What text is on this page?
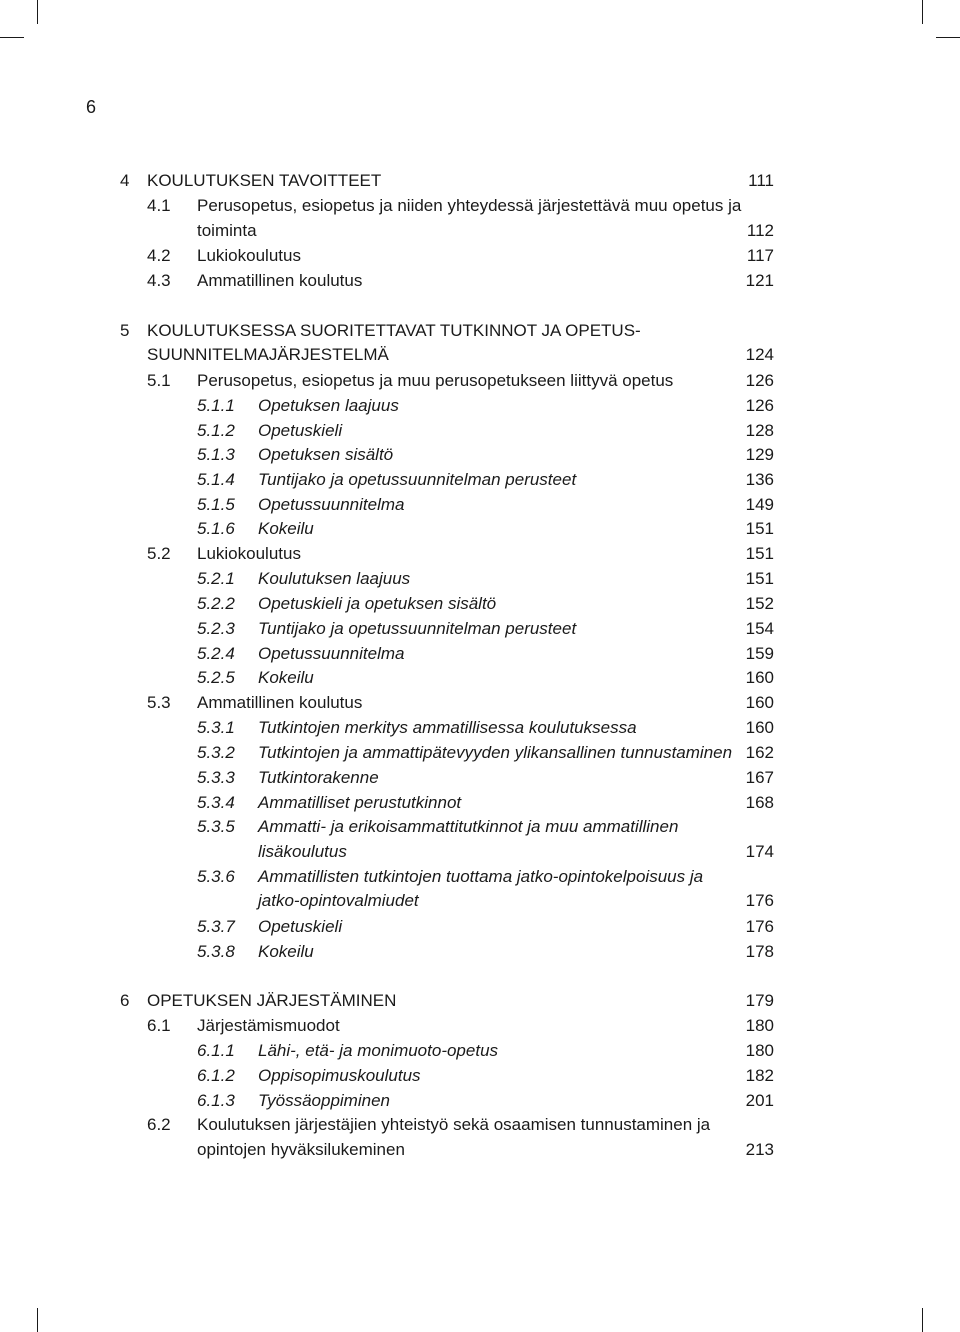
6
4 KOULUTUKSEN TAVOITTEET	111
4.1 Perusopetus, esiopetus ja niiden yhteydessä järjestettävä muu opetus ja
toiminta	112
4.2 Lukiokoulutus	117
4.3 Ammatillinen koulutus	121
5 KOULUTUKSESSA SUORITETTAVAT TUTKINNOT JA OPETUS-
SUUNNITELMAJÄRJESTELMÄ	124
5.1 Perusopetus, esiopetus ja muu perusopetukseen liittyvä opetus	126
5.1.1 Opetuksen laajuus	126
5.1.2 Opetuskieli	128
5.1.3 Opetuksen sisältö	129
5.1.4 Tuntijako ja opetussuunnitelman perusteet	136
5.1.5 Opetussuunnitelma	149
5.1.6 Kokeilu	151
5.2 Lukiokoulutus	151
5.2.1 Koulutuksen laajuus	151
5.2.2 Opetuskieli ja opetuksen sisältö	152
5.2.3 Tuntijako ja opetussuunnitelman perusteet	154
5.2.4 Opetussuunnitelma	159
5.2.5 Kokeilu	160
5.3 Ammatillinen koulutus	160
5.3.1 Tutkintojen merkitys ammatillisessa koulutuksessa	160
5.3.2 Tutkintojen ja ammattipätevyyden ylikansallinen tunnustaminen 162
5.3.3 Tutkintorakenne	167
5.3.4 Ammatilliset perustutkinnot	168
5.3.5 Ammatti- ja erikoisammattitutkinnot ja muu ammatillinen
lisäkoulutus	174
5.3.6 Ammatillisten tutkintojen tuottama jatko-opintokelpoisuus ja
jatko-opintovalmiudet	176
5.3.7 Opetuskieli	176
5.3.8 Kokeilu	178
6 OPETUKSEN JÄRJESTÄMINEN	179
6.1 Järjestämismuodot	180
6.1.1 Lähi-, etä- ja monimuoto-opetus	180
6.1.2 Oppisopimuskoulutus	182
6.1.3 Työssäoppiminen	201
6.2 Koulutuksen järjestäjien yhteistyö sekä osaamisen tunnustaminen ja
opintojen hyväksilukeminen	213
